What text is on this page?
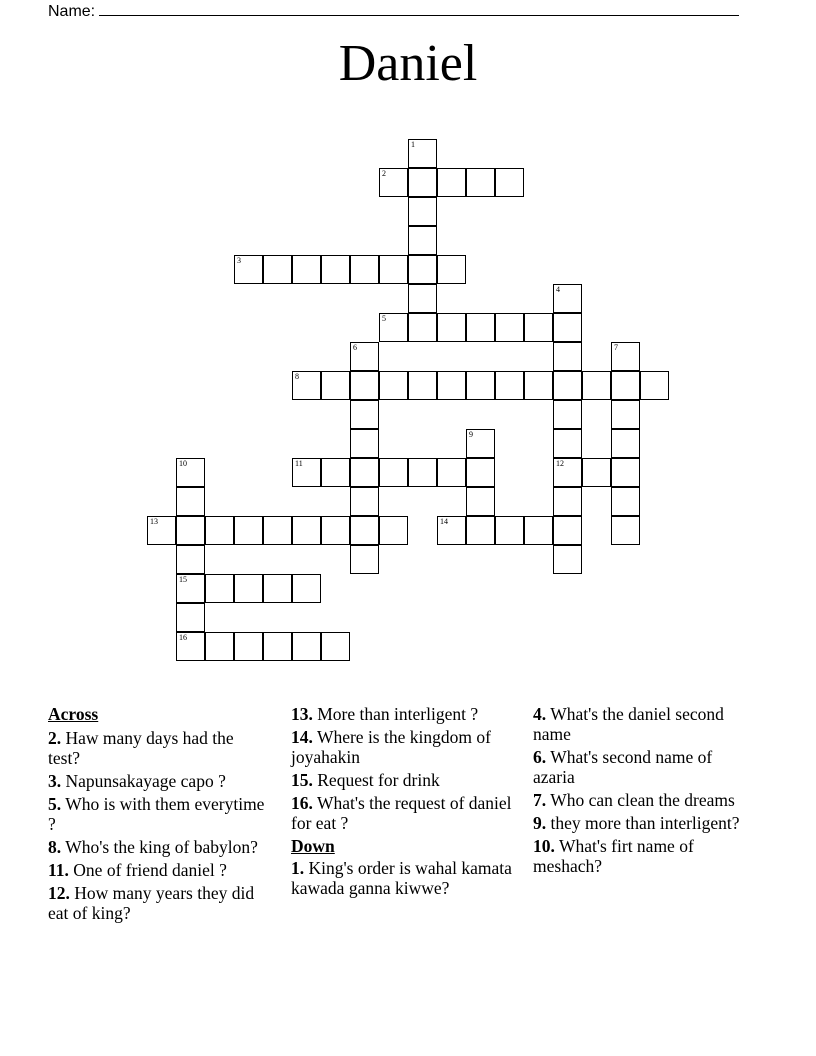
Name:
Daniel
2
3
5
8
11	12
13	14
15
16
1
4
6	7
9
10
Across
2. Haw many days had the test?
3. Napunsakayage capo ?
5. Who is with them everytime ?
8. Who's the king of babylon?
11. One of friend daniel ?
12. How many years they did eat of king?
13. More than interligent ?
14. Where is the kingdom of joyahakin
15. Request for drink
16. What's the request of daniel for eat ?
Down
1. King's order is wahal kamata kawada ganna kiwwe?
4. What's the daniel second name
6. What's second name of azaria
7. Who can clean the dreams
9. they more than interligent?
10. What's firt name of meshach?
